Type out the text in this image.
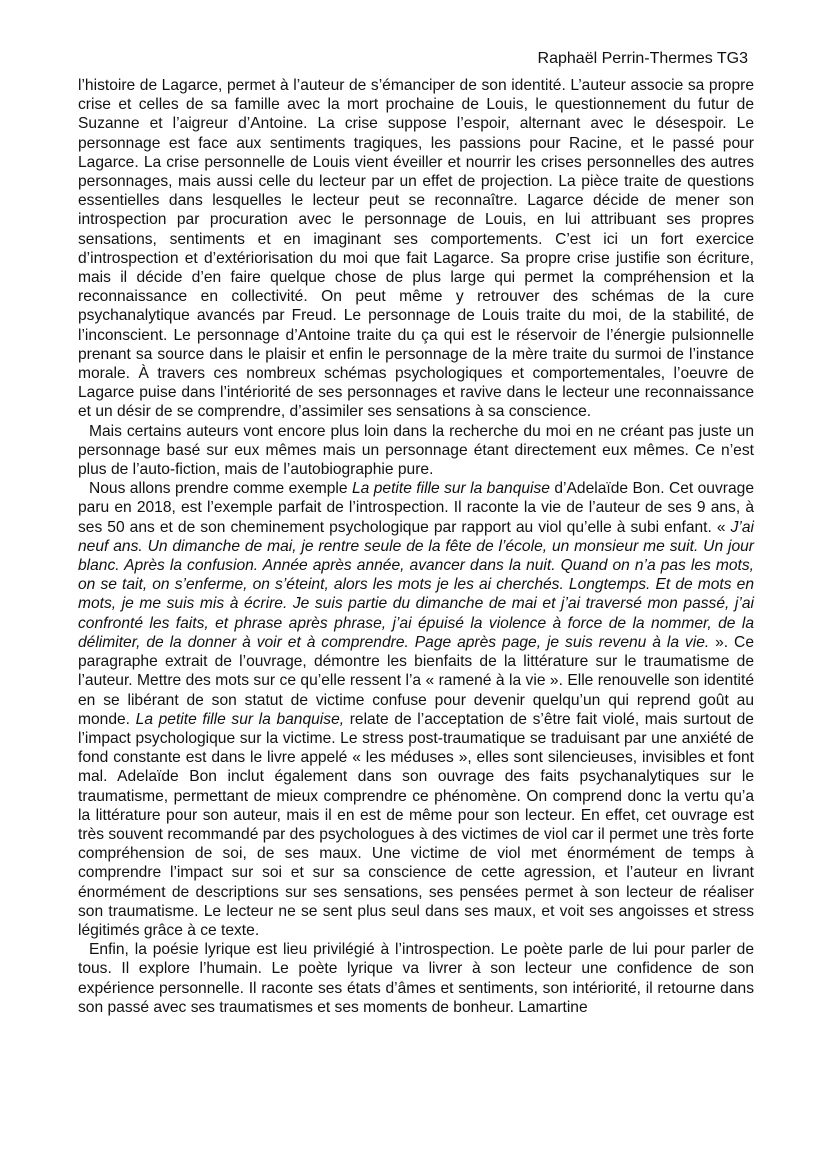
Raphaël Perrin-Thermes TG3

l’histoire de Lagarce, permet à l’auteur de s’émanciper de son identité. L’auteur associe sa propre crise et celles de sa famille avec la mort prochaine de Louis, le questionnement du futur de Suzanne et l’aigreur d’Antoine. La crise suppose l’espoir, alternant avec le désespoir. Le personnage est face aux sentiments tragiques, les passions pour Racine, et le passé pour Lagarce. La crise personnelle de Louis vient éveiller et nourrir les crises personnelles des autres personnages, mais aussi celle du lecteur par un effet de projection. La pièce traite de questions essentielles dans lesquelles le lecteur peut se reconnaître. Lagarce décide de mener son introspection par procuration avec le personnage de Louis, en lui attribuant ses propres sensations, sentiments et en imaginant ses comportements. C’est ici un fort exercice d’introspection et d’extériorisation du moi que fait Lagarce. Sa propre crise justifie son écriture, mais il décide d’en faire quelque chose de plus large qui permet la compréhension et la reconnaissance en collectivité. On peut même y retrouver des schémas de la cure psychanalytique avancés par Freud. Le personnage de Louis traite du moi, de la stabilité, de l’inconscient. Le personnage d’Antoine traite du ça qui est le réservoir de l’énergie pulsionnelle prenant sa source dans le plaisir et enfin le personnage de la mère traite du surmoi de l’instance morale. À travers ces nombreux schémas psychologiques et comportementales, l’oeuvre de Lagarce puise dans l’intériorité de ses personnages et ravive dans le lecteur une reconnaissance et un désir de se comprendre, d’assimiler ses sensations à sa conscience.

Mais certains auteurs vont encore plus loin dans la recherche du moi en ne créant pas juste un personnage basé sur eux mêmes mais un personnage étant directement eux mêmes. Ce n’est plus de l’auto-fiction, mais de l’autobiographie pure.

Nous allons prendre comme exemple La petite fille sur la banquise d’Adelaïde Bon. Cet ouvrage paru en 2018, est l’exemple parfait de l’introspection. Il raconte la vie de l’auteur de ses 9 ans, à ses 50 ans et de son cheminement psychologique par rapport au viol qu’elle à subi enfant. « J’ai neuf ans. Un dimanche de mai, je rentre seule de la fête de l’école, un monsieur me suit. Un jour blanc. Après la confusion. Année après année, avancer dans la nuit. Quand on n’a pas les mots, on se tait, on s’enferme, on s’éteint, alors les mots je les ai cherchés. Longtemps. Et de mots en mots, je me suis mis à écrire. Je suis partie du dimanche de mai et j’ai traversé mon passé, j’ai confronté les faits, et phrase après phrase, j’ai épuisé la violence à force de la nommer, de la délimiter, de la donner à voir et à comprendre. Page après page, je suis revenu à la vie. ». Ce paragraphe extrait de l’ouvrage, démontre les bienfaits de la littérature sur le traumatisme de l’auteur. Mettre des mots sur ce qu’elle ressent l’a « ramené à la vie ». Elle renouvelle son identité en se libérant de son statut de victime confuse pour devenir quelqu’un qui reprend goût au monde. La petite fille sur la banquise, relate de l’acceptation de s’être fait violé, mais surtout de l’impact psychologique sur la victime. Le stress post-traumatique se traduisant par une anxiété de fond constante est dans le livre appelé « les méduses », elles sont silencieuses, invisibles et font mal. Adelaïde Bon inclut également dans son ouvrage des faits psychanalytiques sur le traumatisme, permettant de mieux comprendre ce phénomène. On comprend donc la vertu qu’a la littérature pour son auteur, mais il en est de même pour son lecteur. En effet, cet ouvrage est très souvent recommandé par des psychologues à des victimes de viol car il permet une très forte compréhension de soi, de ses maux. Une victime de viol met énormément de temps à comprendre l’impact sur soi et sur sa conscience de cette agression, et l’auteur en livrant énormément de descriptions sur ses sensations, ses pensées permet à son lecteur de réaliser son traumatisme. Le lecteur ne se sent plus seul dans ses maux, et voit ses angoisses et stress légitimés grâce à ce texte.

Enfin, la poésie lyrique est lieu privilégié à l’introspection. Le poète parle de lui pour parler de tous. Il explore l’humain. Le poète lyrique va livrer à son lecteur une confidence de son expérience personnelle. Il raconte ses états d’âmes et sentiments, son intériorité, il retourne dans son passé avec ses traumatismes et ses moments de bonheur. Lamartine
